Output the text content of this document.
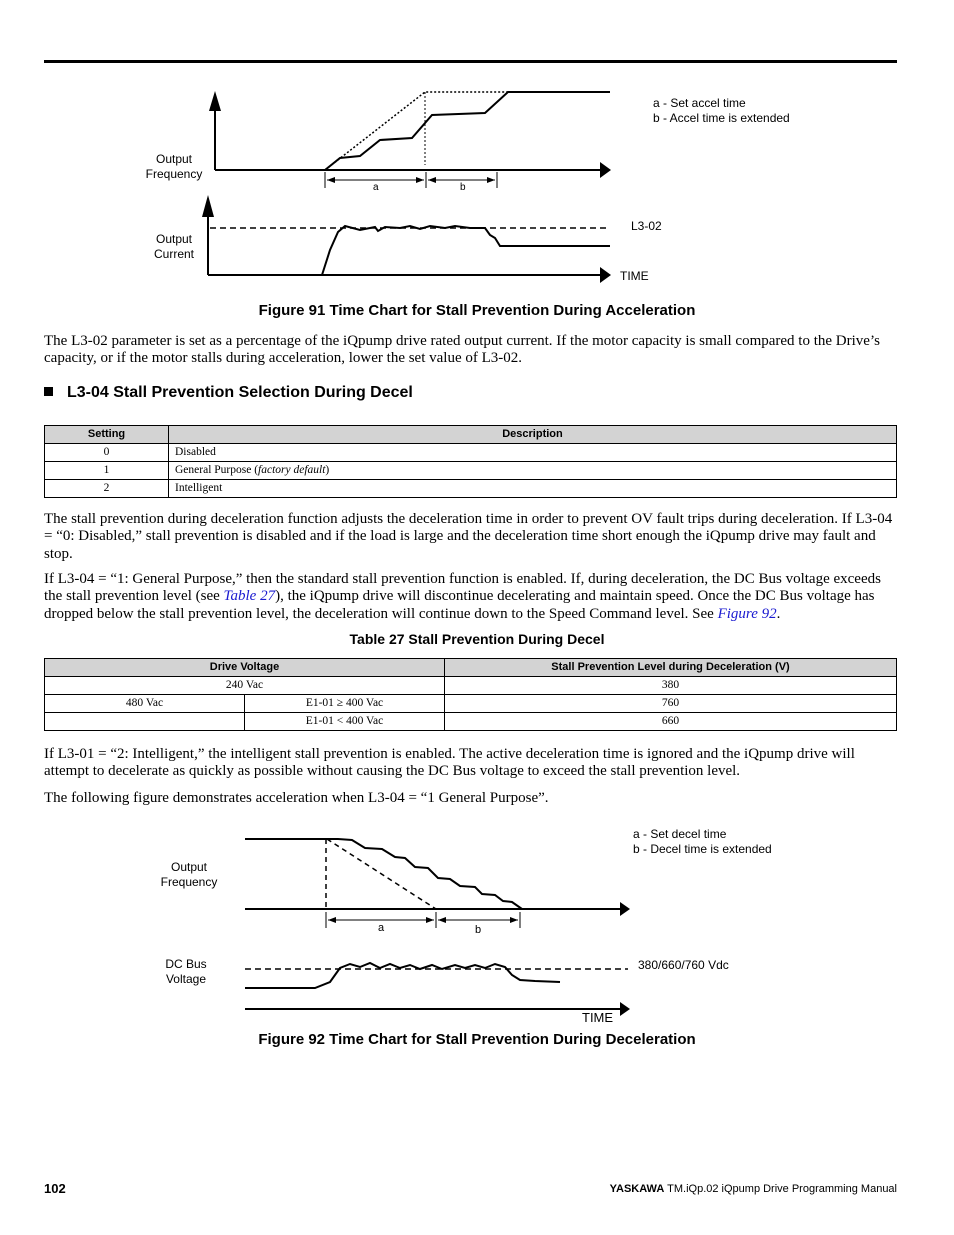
a - Set accel time
b - Accel time is extended
Output
Frequency
Output
Current
L3-02
TIME
a	b
Figure 91 Time Chart for Stall Prevention During Acceleration

The L3-02 parameter is set as a percentage of the iQpump drive rated output current. If the motor capacity is small compared to the Drive’s capacity, or if the motor stalls during acceleration, lower the set value of L3-02.

L3-04 Stall Prevention Selection During Decel
Setting	Description
0	Disabled
1	General Purpose (factory default)
2	Intelligent

The stall prevention during deceleration function adjusts the deceleration time in order to prevent OV fault trips during deceleration. If L3-04 = “0: Disabled,” stall prevention is disabled and if the load is large and the deceleration time short enough the iQpump drive may fault and stop.

If L3-04 = “1: General Purpose,” then the standard stall prevention function is enabled. If, during deceleration, the DC Bus voltage exceeds the stall prevention level (see Table 27), the iQpump drive will discontinue decelerating and maintain speed. Once the DC Bus voltage has dropped below the stall prevention level, the deceleration will continue down to the Speed Command level. See Figure 92.

Table 27 Stall Prevention During Decel
Drive Voltage		Stall Prevention Level during Deceleration (V)
240 Vac		380
480 Vac	E1-01 ≥ 400 Vac	760
	E1-01 < 400 Vac	660

If L3-01 = “2: Intelligent,” the intelligent stall prevention is enabled. The active deceleration time is ignored and the iQpump drive will attempt to decelerate as quickly as possible without causing the DC Bus voltage to exceed the stall prevention level.

The following figure demonstrates acceleration when L3-04 = “1 General Purpose”.

a - Set decel time
b - Decel time is extended
Output
Frequency
DC Bus
Voltage
380/660/760 Vdc
TIME
a	b
Figure 92 Time Chart for Stall Prevention During Deceleration
102	YASKAWA TM.iQp.02 iQpump Drive Programming Manual
